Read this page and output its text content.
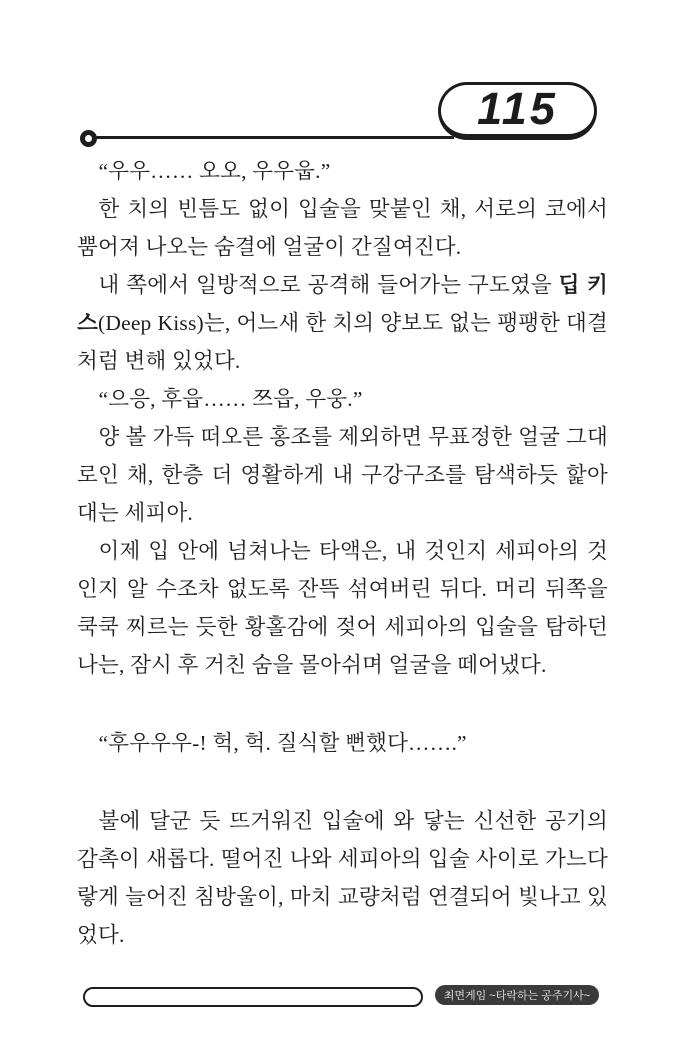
115

“우우…… 오오, 우우웁.”

한 치의 빈틈도 없이 입술을 맞붙인 채, 서로의 코에서 뿜어져 나오는 숨결에 얼굴이 간질여진다.

내 쪽에서 일방적으로 공격해 들어가는 구도였을 딥 키스(Deep Kiss)는, 어느새 한 치의 양보도 없는 팽팽한 대결처럼 변해 있었다.

“으응, 후읍…… 쯔읍, 우웅.”

양 볼 가득 떠오른 홍조를 제외하면 무표정한 얼굴 그대로인 채, 한층 더 영활하게 내 구강구조를 탐색하듯 핥아대는 세피아.

이제 입 안에 넘쳐나는 타액은, 내 것인지 세피아의 것인지 알 수조차 없도록 잔뜩 섞여버린 뒤다. 머리 뒤쪽을 쿡쿡 찌르는 듯한 황홀감에 젖어 세피아의 입술을 탐하던 나는, 잠시 후 거친 숨을 몰아쉬며 얼굴을 떼어냈다.

“후우우우-! 헉, 헉. 질식할 뻔했다…….”

불에 달군 듯 뜨거워진 입술에 와 닿는 신선한 공기의 감촉이 새롭다. 떨어진 나와 세피아의 입술 사이로 가느다랗게 늘어진 침방울이, 마치 교량처럼 연결되어 빛나고 있었다.

최면게임 ~타락하는 공주기사~
